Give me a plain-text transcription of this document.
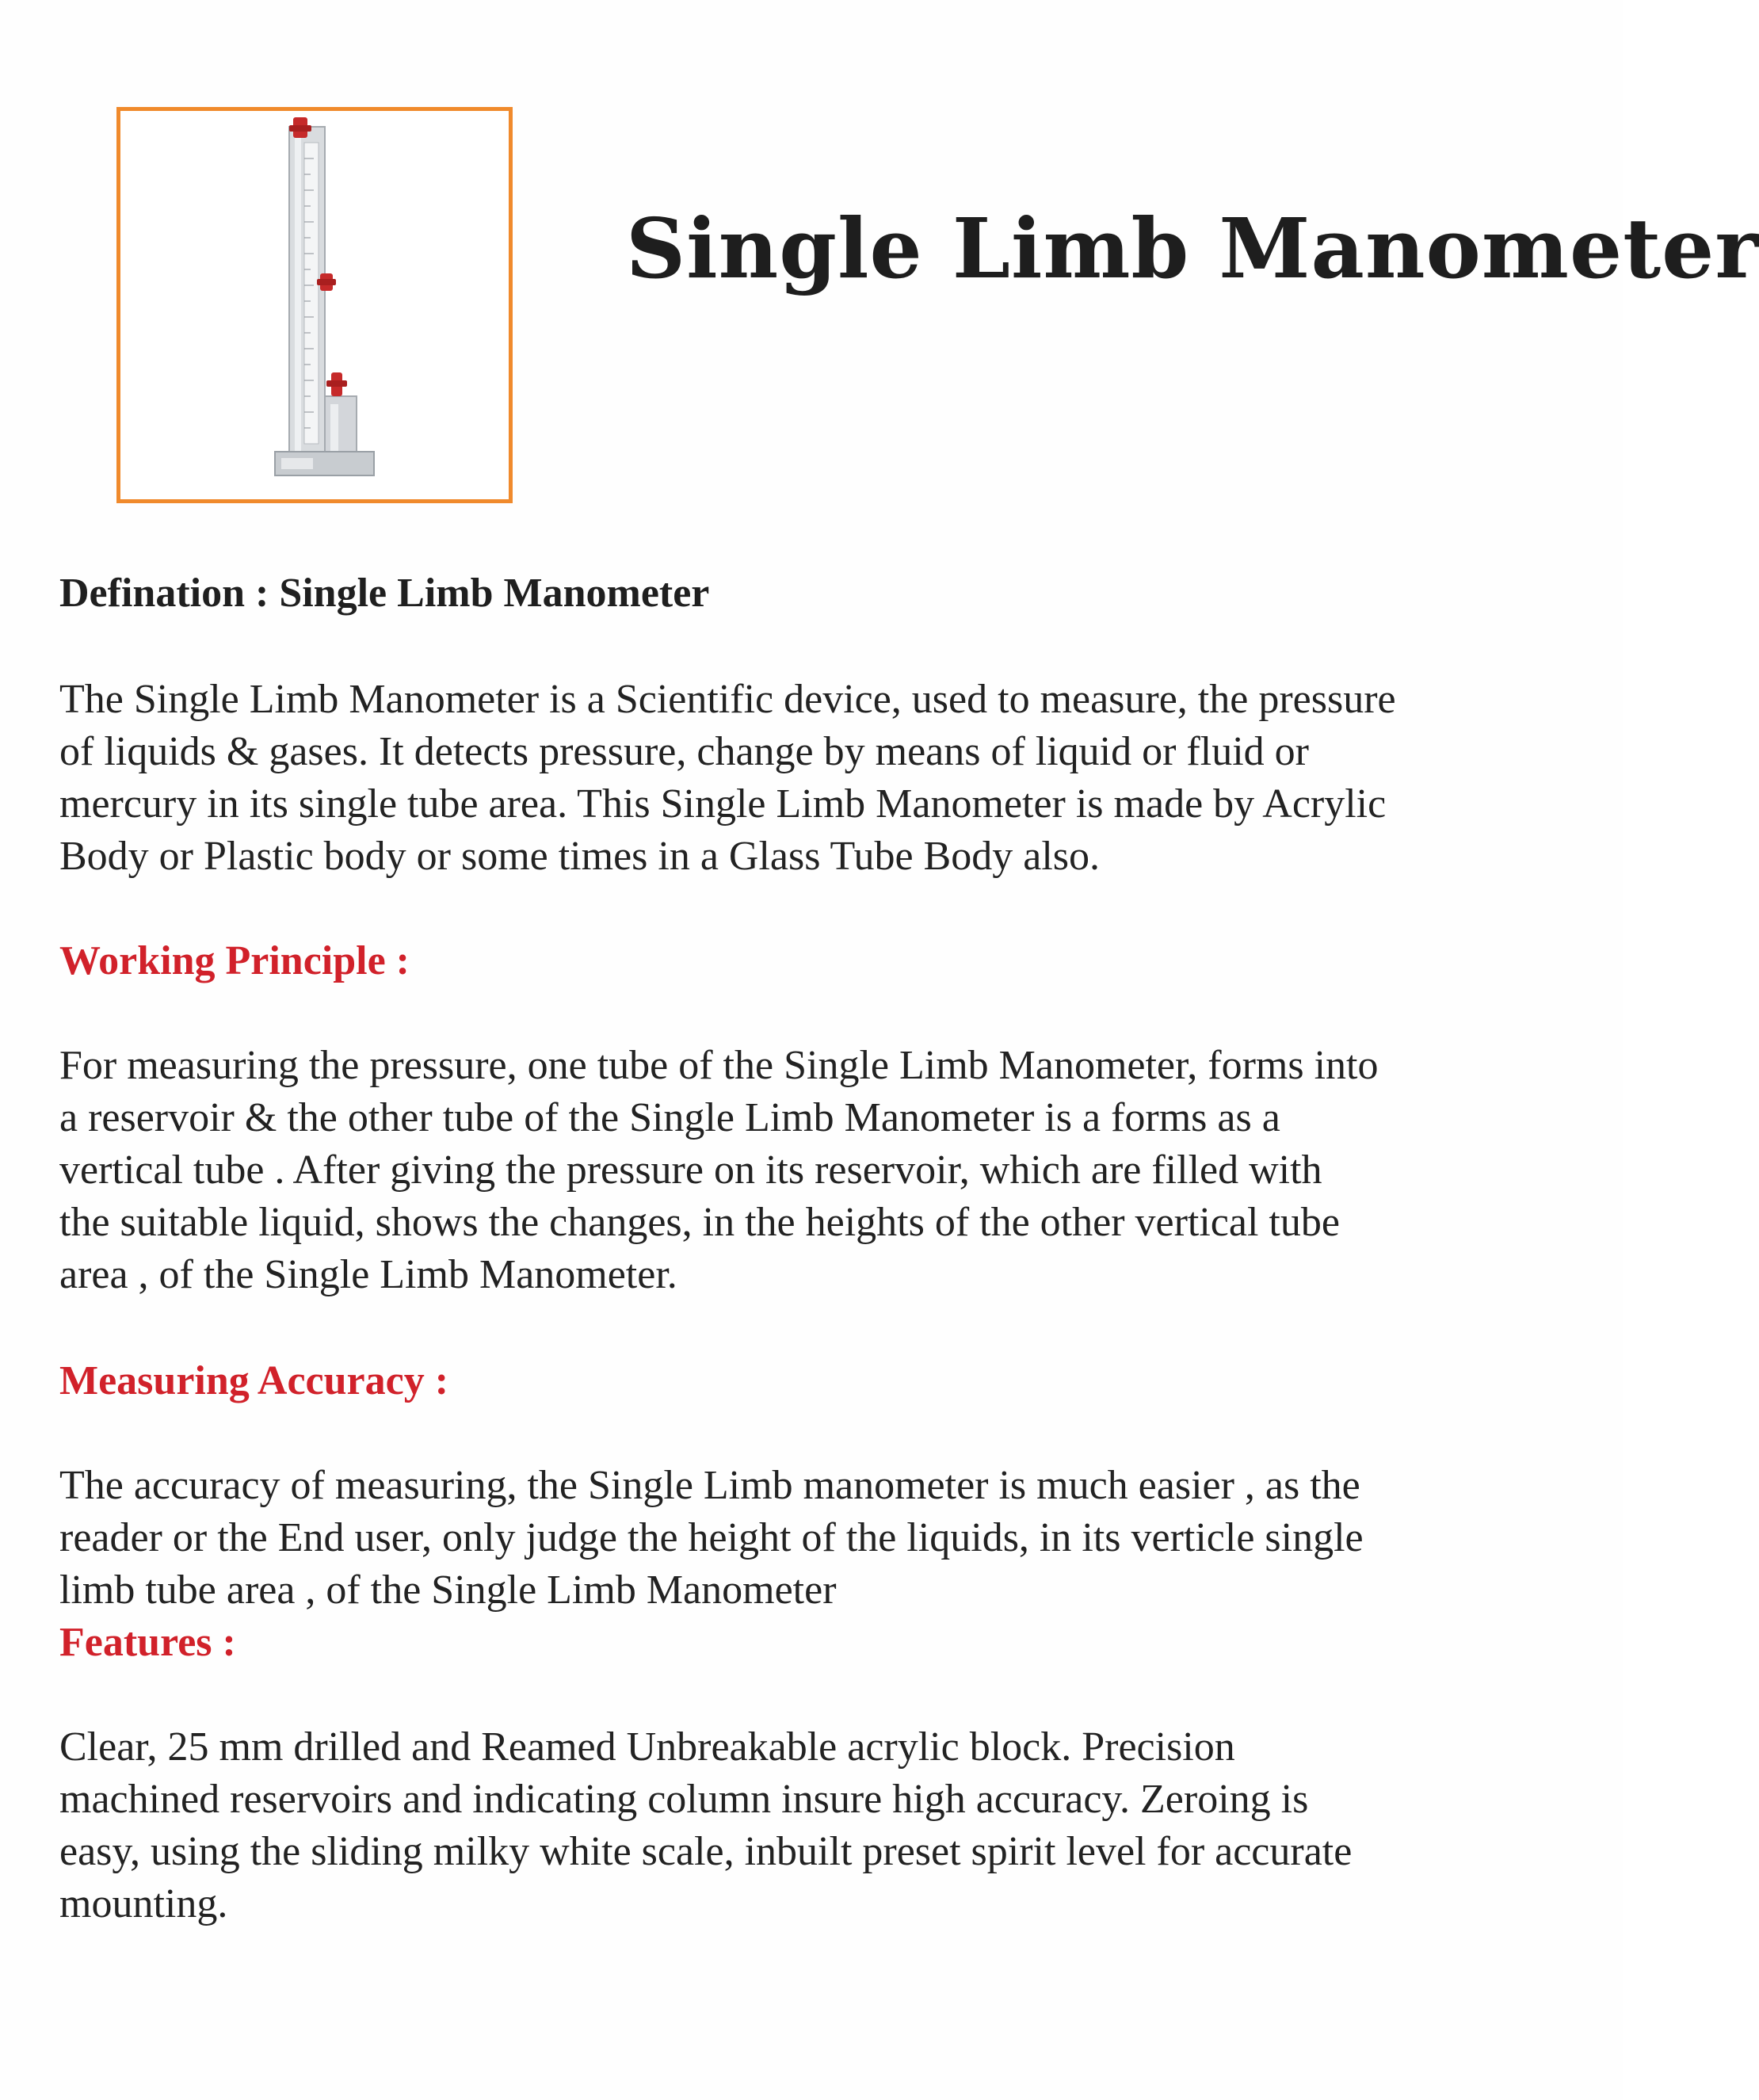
Single Limb Manometer
Defination : Single Limb Manometer
The Single Limb Manometer is a Scientific device, used to measure, the pressure
of liquids & gases. It detects pressure, change by means of liquid or fluid or
mercury in its single tube area. This Single Limb Manometer is made by Acrylic
Body or Plastic body or some times in a Glass Tube Body also.
Working Principle :
For measuring the pressure, one tube of the Single Limb Manometer, forms into
a reservoir & the other tube of the Single Limb Manometer is a forms as a
vertical tube . After giving the pressure on its reservoir, which are filled with
the suitable liquid, shows the changes, in the heights of the other vertical tube
area , of the Single Limb Manometer.
Measuring Accuracy :
The accuracy of measuring, the Single Limb manometer is much easier , as the
reader or the End user, only judge the height of the liquids, in its verticle single
limb tube area , of the Single Limb Manometer
Features :
Clear, 25 mm drilled and Reamed Unbreakable acrylic block. Precision
machined reservoirs and indicating column insure high accuracy. Zeroing is
easy, using the sliding milky white scale, inbuilt preset spirit level for accurate
mounting.
